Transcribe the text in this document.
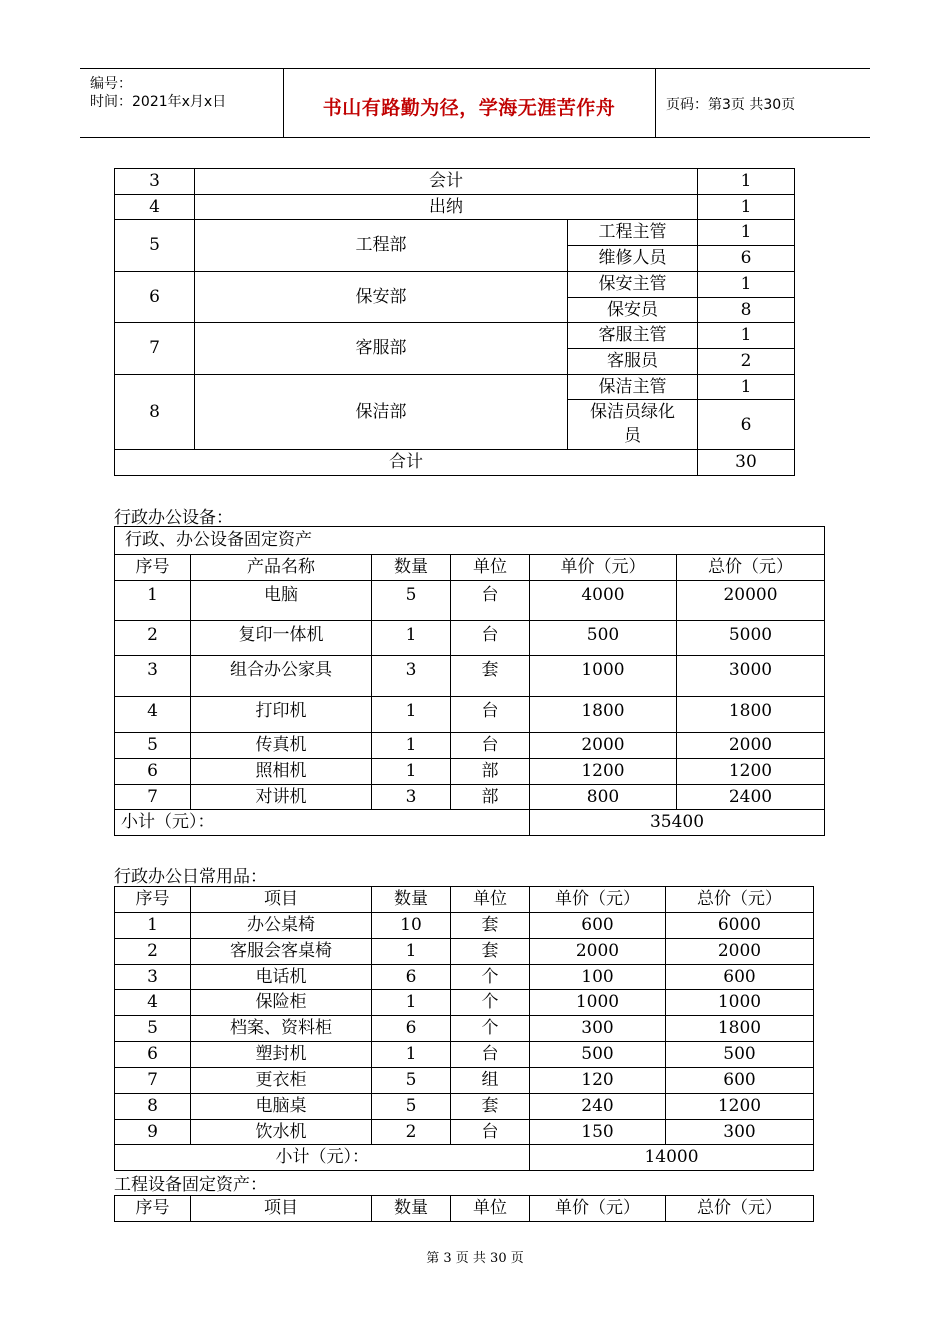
编号：
时间：2021年x月x日	书山有路勤为径，学海无涯苦作舟	页码：第3页 共30页
3	会计		1
4	出纳		1
5	工程部	工程主管	1
		维修人员	6
6	保安部	保安主管	1
		保安员	8
7	客服部	客服主管	1
		客服员	2
8	保洁部	保洁主管	1
		保洁员绿化员	6
合计			30
行政办公设备：
行政、办公设备固定资产					
序号	产品名称	数量	单位	单价（元）	总价（元）
1	电脑	5	台	4000	20000
2	复印一体机	1	台	500	5000
3	组合办公家具	3	套	1000	3000
4	打印机	1	台	1800	1800
5	传真机	1	台	2000	2000
6	照相机	1	部	1200	1200
7	对讲机	3	部	800	2400
小计（元）：				35400	
行政办公日常用品：
序号	项目	数量	单位	单价（元）	总价（元）
1	办公桌椅	10	套	600	6000
2	客服会客桌椅	1	套	2000	2000
3	电话机	6	个	100	600
4	保险柜	1	个	1000	1000
5	档案、资料柜	6	个	300	1800
6	塑封机	1	台	500	500
7	更衣柜	5	组	120	600
8	电脑桌	5	套	240	1200
9	饮水机	2	台	150	300
小计（元）：				14000	
工程设备固定资产：
序号	项目	数量	单位	单价（元）	总价（元）
第 3 页 共 30 页
